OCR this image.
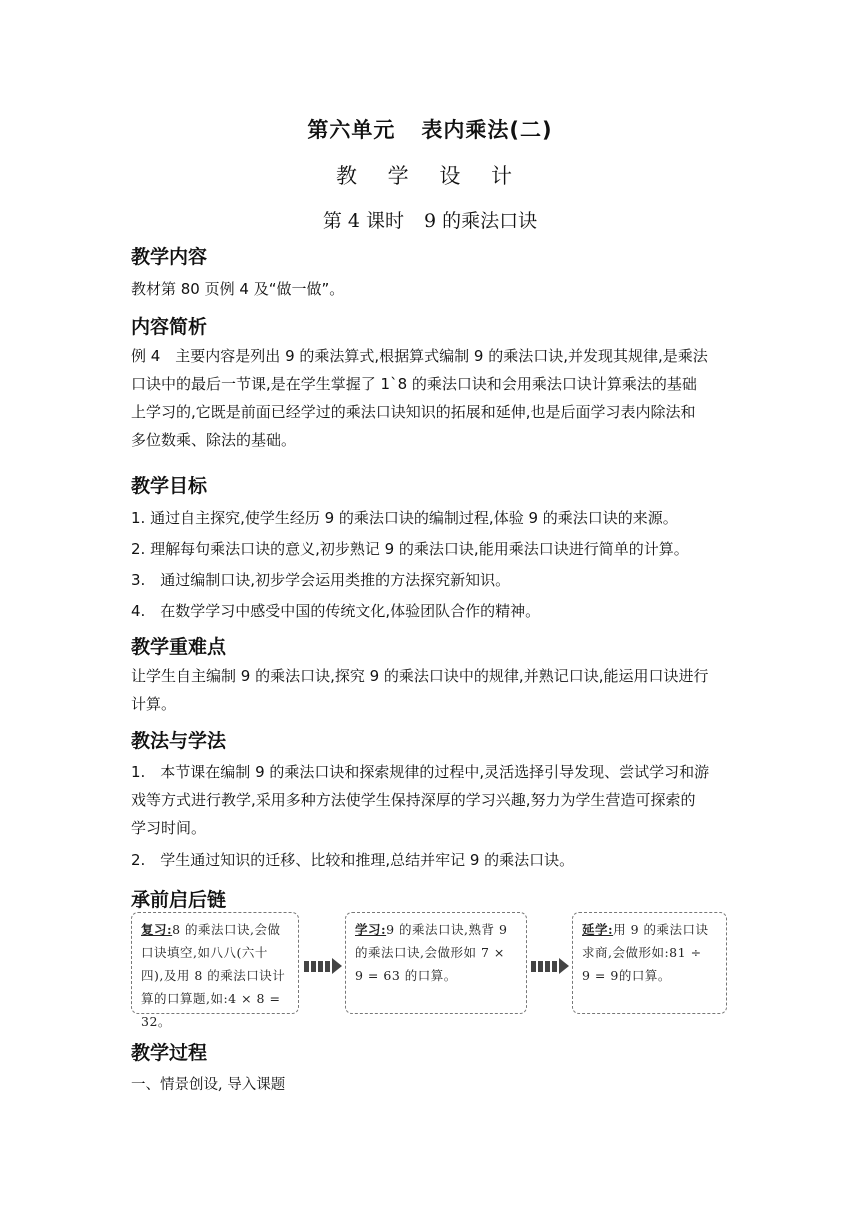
第六单元 表内乘法(二)
教 学 设 计
第 4 课时 9 的乘法口诀
教学内容
教材第 80 页例 4 及“做一做”。
内容简析
例 4　主要内容是列出 9 的乘法算式,根据算式编制 9 的乘法口诀,并发现其规律,是乘法
口诀中的最后一节课,是在学生掌握了 1`8 的乘法口诀和会用乘法口诀计算乘法的基础
上学习的,它既是前面已经学过的乘法口诀知识的拓展和延伸,也是后面学习表内除法和
多位数乘、除法的基础。
教学目标
1. 通过自主探究,使学生经历 9 的乘法口诀的编制过程,体验 9 的乘法口诀的来源。
2. 理解每句乘法口诀的意义,初步熟记 9 的乘法口诀,能用乘法口诀进行简单的计算。
3.　通过编制口诀,初步学会运用类推的方法探究新知识。
4.　在数学学习中感受中国的传统文化,体验团队合作的精神。
教学重难点
让学生自主编制 9 的乘法口诀,探究 9 的乘法口诀中的规律,并熟记口诀,能运用口诀进行
计算。
教法与学法
1.　本节课在编制 9 的乘法口诀和探索规律的过程中,灵活选择引导发现、尝试学习和游
戏等方式进行教学,采用多种方法使学生保持深厚的学习兴趣,努力为学生营造可探索的
学习时间。
2.　学生通过知识的迁移、比较和推理,总结并牢记 9 的乘法口诀。
承前启后链
复习:8 的乘法口诀,会做
口诀填空,如八八(六十
四),及用 8 的乘法口诀计
算的口算题,如:4 × 8 = 32。
学习:9 的乘法口诀,熟背 9
的乘法口诀,会做形如 7 ×
9 = 63 的口算。
延学:用 9 的乘法口诀
求商,会做形如:81 ÷
9 = 9的口算。
教学过程
一、情景创设, 导入课题
